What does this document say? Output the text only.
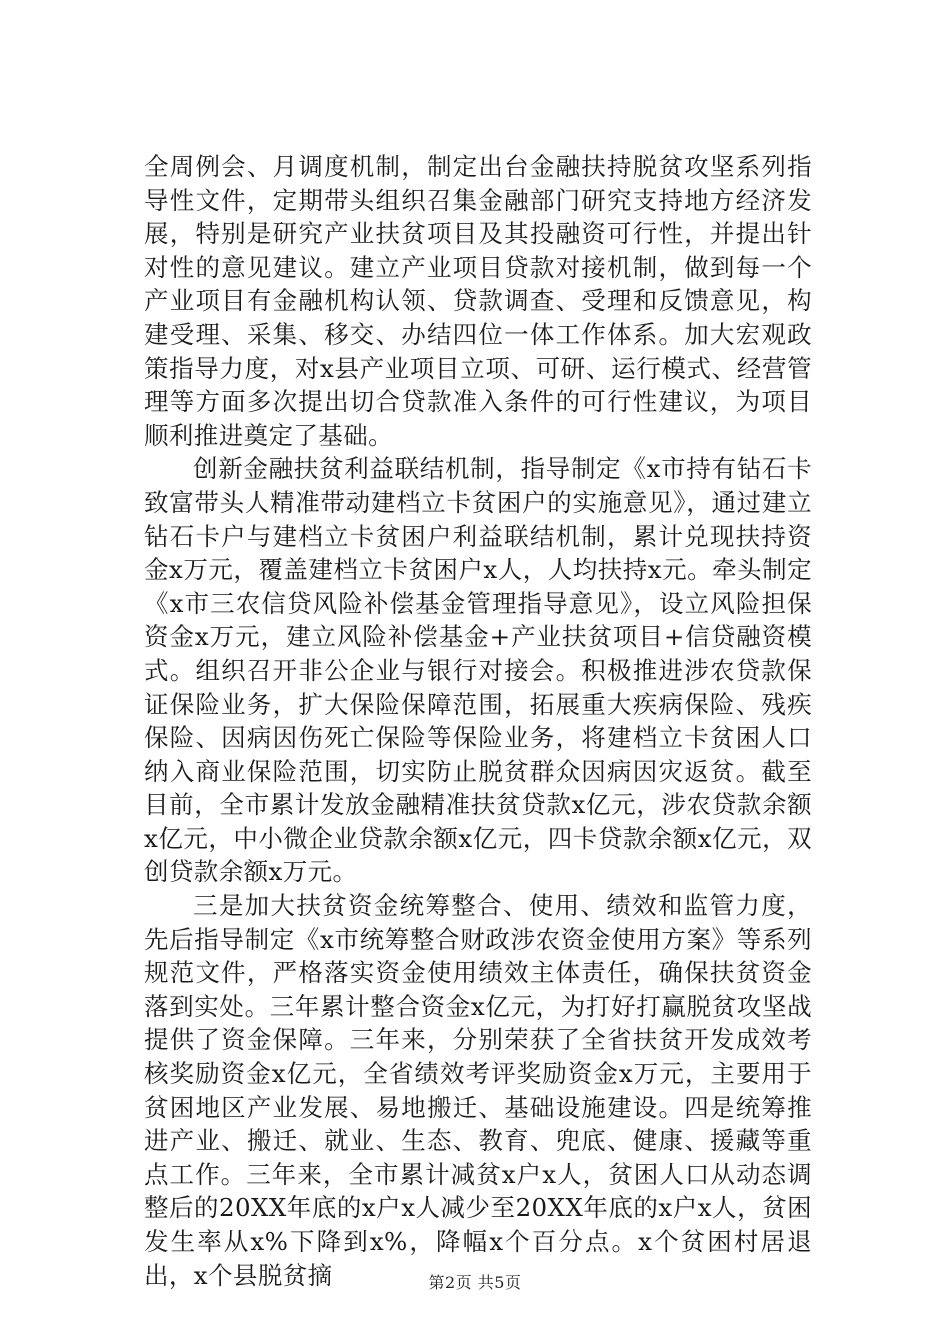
全周例会、月调度机制，制定出台金融扶持脱贫攻坚系列指导性文件，定期带头组织召集金融部门研究支持地方经济发展，特别是研究产业扶贫项目及其投融资可行性，并提出针对性的意见建议。建立产业项目贷款对接机制，做到每一个产业项目有金融机构认领、贷款调查、受理和反馈意见，构建受理、采集、移交、办结四位一体工作体系。加大宏观政策指导力度，对x县产业项目立项、可研、运行模式、经营管理等方面多次提出切合贷款准入条件的可行性建议，为项目顺利推进奠定了基础。

创新金融扶贫利益联结机制，指导制定《x市持有钻石卡致富带头人精准带动建档立卡贫困户的实施意见》，通过建立钻石卡户与建档立卡贫困户利益联结机制，累计兑现扶持资金x万元，覆盖建档立卡贫困户x人，人均扶持x元。牵头制定《x市三农信贷风险补偿基金管理指导意见》，设立风险担保资金x万元，建立风险补偿基金+产业扶贫项目+信贷融资模式。组织召开非公企业与银行对接会。积极推进涉农贷款保证保险业务，扩大保险保障范围，拓展重大疾病保险、残疾保险、因病因伤死亡保险等保险业务，将建档立卡贫困人口纳入商业保险范围，切实防止脱贫群众因病因灾返贫。截至目前，全市累计发放金融精准扶贫贷款x亿元，涉农贷款余额x亿元，中小微企业贷款余额x亿元，四卡贷款余额x亿元，双创贷款余额x万元。

三是加大扶贫资金统筹整合、使用、绩效和监管力度，先后指导制定《x市统筹整合财政涉农资金使用方案》等系列规范文件，严格落实资金使用绩效主体责任，确保扶贫资金落到实处。三年累计整合资金x亿元，为打好打赢脱贫攻坚战提供了资金保障。三年来，分别荣获了全省扶贫开发成效考核奖励资金x亿元，全省绩效考评奖励资金x万元，主要用于贫困地区产业发展、易地搬迁、基础设施建设。四是统筹推进产业、搬迁、就业、生态、教育、兜底、健康、援藏等重点工作。三年来，全市累计减贫x户x人，贫困人口从动态调整后的20XX年底的x户x人减少至20XX年底的x户x人，贫困发生率从x%下降到x%，降幅x个百分点。x个贫困村居退出，x个县脱贫摘	第2页 共5页
